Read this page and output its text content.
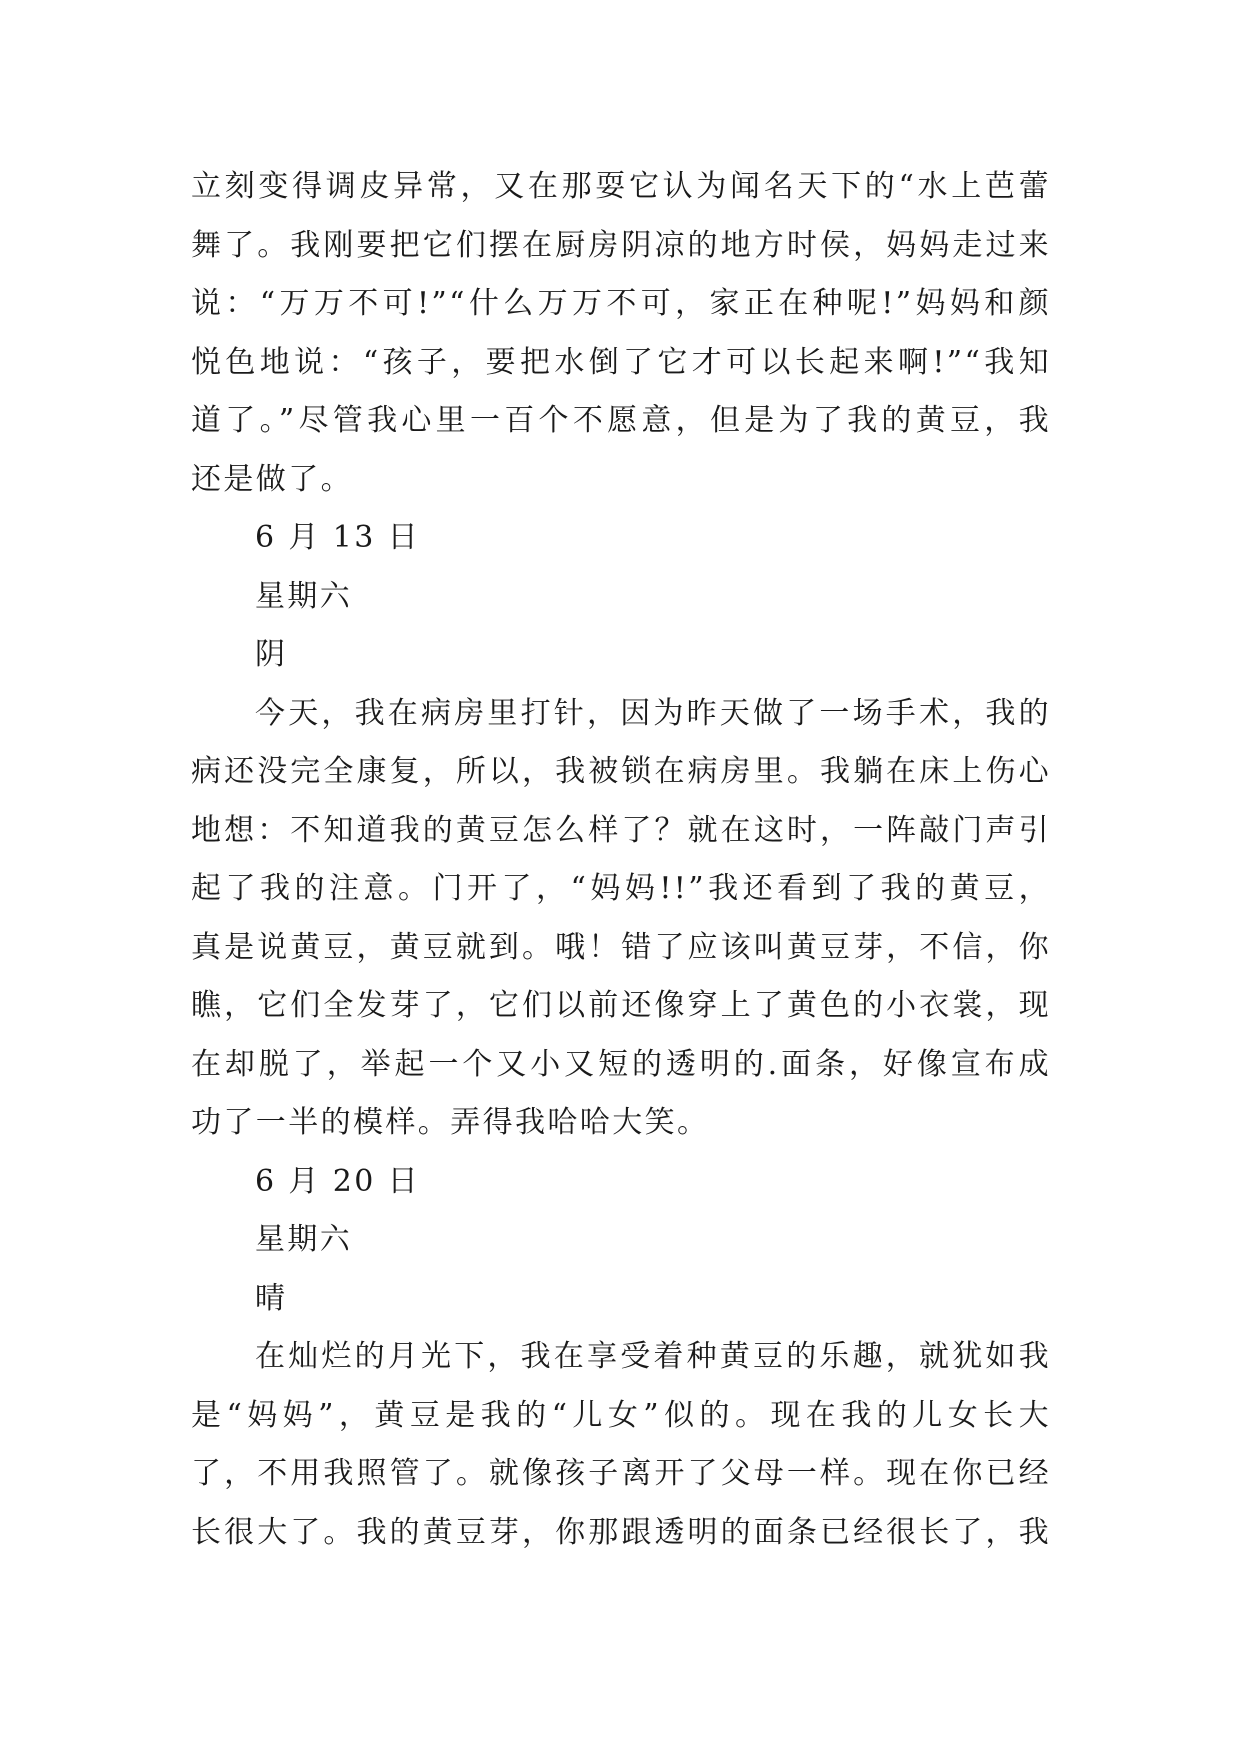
立刻变得调皮异常，又在那耍它认为闻名天下的“水上芭蕾
舞了。我刚要把它们摆在厨房阴凉的地方时侯，妈妈走过来
说：“万万不可!”“什么万万不可，家正在种呢!”妈妈和颜
悦色地说：“孩子，要把水倒了它才可以长起来啊!”“我知
道了。”尽管我心里一百个不愿意，但是为了我的黄豆，我
还是做了。
6 月 13 日
星期六
阴
今天，我在病房里打针，因为昨天做了一场手术，我的
病还没完全康复，所以，我被锁在病房里。我躺在床上伤心
地想：不知道我的黄豆怎么样了？就在这时，一阵敲门声引
起了我的注意。门开了，“妈妈!!”我还看到了我的黄豆，
真是说黄豆，黄豆就到。哦！错了应该叫黄豆芽，不信，你
瞧，它们全发芽了，它们以前还像穿上了黄色的小衣裳，现
在却脱了，举起一个又小又短的透明的.面条，好像宣布成
功了一半的模样。弄得我哈哈大笑。
6 月 20 日
星期六
晴
在灿烂的月光下，我在享受着种黄豆的乐趣，就犹如我
是“妈妈”，黄豆是我的“儿女”似的。现在我的儿女长大
了，不用我照管了。就像孩子离开了父母一样。现在你已经
长很大了。我的黄豆芽，你那跟透明的面条已经很长了，我
